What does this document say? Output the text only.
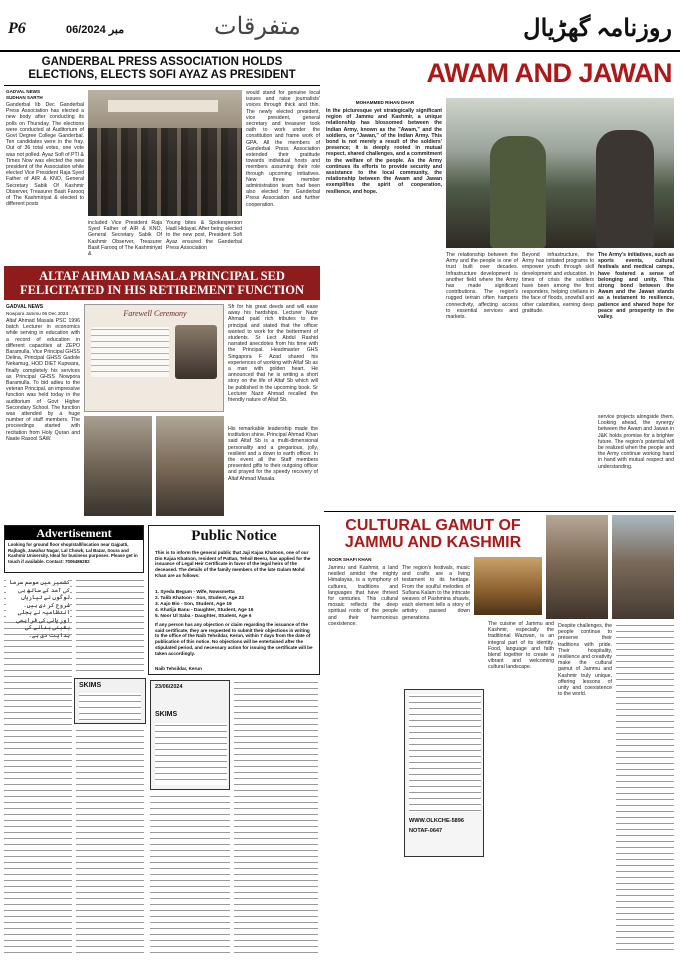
P6	06/مبر 2024	متفرقات	روزنامہ گھڑیال
GANDERBAL PRESS ASSOCIATION HOLDS ELECTIONS, ELECTS SOFI AYAZ AS PRESIDENT
GADVAL NEWS
SUDHAN SARTH
Ganderbal lib Dec Ganderbal Press Association has elected a new body after conducting its polls on Thursday. The elections were conducted at Auditorium of Govt Degree College Ganderbal. Ten candidates were in the fray. Out of 36 total votes, one vote was not polled. Ayaz Sofi of PTI & Times Now was elected the new president of the Association while elected Vice President Raja Syed Father of AIR & KNO, General Secretary Sabik Of Kashmir Observer, Treasurer Basit Farooq of The Kashmiriyat & elected to different posts
included Vice President Raja Syed Father of AIR & KNO, General Secretary Sabik Of Kashmir Observer, Treasurer Basit Farooq of The Kashmiriyat &
Young bites & Spokesperson Hadi Hidayat. After being elected to the new post, President Sofi Ayaz ensured the Ganderbal Press Association
would stand for genuine local issues and raise journalists' voices through thick and thin. The newly elected president, vice president, general secretary and treasurer took oath to work under the constitution and frame work of GPA. All the members of Ganderbal Press Association extended their gratitude towards individual hosts and members assuming their role through upcoming initiatives. New three member administration team had been also elected for Ganderbal Press Association and further cooperation.
ALTAF AHMAD MASALA PRINCIPAL SED FELICITATED IN HIS RETIREMENT FUNCTION
GADVAL NEWS
Nowpora Jammu 06 Dec 2024
Altaf Ahmad Masala PSC 1996 batch Lecturer in economics while serving in education with a record of education in different capacities at ZEPO Baramulla, Vice Principal GHSS Delina, Principal GHSS Gadole Nekamug, HOD DIET Kupwara, finally completely his services as Principal GHSS Nowpora Baramulla. To bid adieu to the veteran Principal, an impressive function was held today in the auditorium of Govt Higher Secondary School. The function was attended by a huge number of staff members. The proceedings started with recitation from Holy Quran and Naate Rasool SAW.
Farewell Ceremony
Sfr for his great deeds and will ease away his hardships. Lecturer Nazir Ahmad paid rich tributes to the principal and stated that the officer wanted to work for the betterment of students. Sr Lect Abdul Rashid narrated anecdotes from his time with the Principal. Headmaster GHS Singapora F Azad shared his experiences of working with Altaf Sb as a man with golden heart. He announced that he is writing a short story on the life of Altaf Sb which will be published in the upcoming book. Sr Lecturer Nazir Ahmad recalled the friendly nature of Altaf Sb.
His remarkable leadership made the institution shine. Principal Ahmad Khan said Altaf Sb is a multi-dimensional personality and a gregarious, jolly, resilient and a down to earth officer. In the event all the Staff members presented gifts to their outgoing officer and prayed for the speedy recovery of Altaf Ahmad Masala.
AWAM AND JAWAN
MOHAMMED RIHAN DHAR
In the picturesque yet strategically significant region of Jammu and Kashmir, a unique relationship has blossomed between the Indian Army, known as the "Awam," and the soldiers, or "Jawan," of the Indian Army. This bond is not merely a result of the soldiers' presence; it is deeply rooted in mutual respect, shared challenges, and a commitment to the welfare of the people. As the Army continues its efforts to provide security and assistance to the local community, the relationship between the Awam and Jawan exemplifies the spirit of cooperation, resilience, and hope.
The relationship between the Army and the people is one of trust built over decades. Infrastructure development is another field where the Army has made significant contributions. The region's rugged terrain often hampers connectivity, affecting access to essential services and markets.
Beyond infrastructure, the Army has initiated programs to empower youth through skill development and education. In times of crisis the soldiers have been among the first responders, helping civilians in the face of floods, snowfall and other calamities, earning deep gratitude.
The Army's initiatives, such as sports events, cultural festivals and medical camps, have fostered a sense of belonging and unity. This strong bond between the Awam and the Jawan stands as a testament to resilience, patience and shared hope for peace and prosperity in the valley.
service projects alongside them. Looking ahead, the synergy between the Awam and Jawan in J&K holds promise for a brighter future. The region's potential will be realized when the people and the Army continue working hand in hand with mutual respect and understanding.
Advertisement
Looking for ground floor shop/stall/location near Gajpatti, Rajbagh, Jawahar Nagar, Lal Chowk, Lal Bazar, Soura and Kashmir University. Ideal for business purposes. Please get in touch if available. Contact: 7006486282
Public Notice
This is to inform the general public that Jaji Kajaa Khatoon, one of our Dio Kajaa Khatoon, resident of Pattan, Tehsil Beeru, has applied for the issuance of Legal Heir Certificate in favor of the legal heirs of the deceased. The details of the family members of the late Gulam Mohd Khan are as follows:
1. Syeda Begum - Wife, Nowsmetta
2. Talib Khatoon - Son, Student, Age 22
3. Aajo Bio - Son, Student, Age 19
4. Khatija Banu - Daughter, Student, Age 16
5. Noor Ul Saba - Daughter, Student, Age 6
If any person has any objection or claim regarding the issuance of the said certificate, they are requested to submit their objections in writing to the office of the Naib Tehsildar, Kerun, within 7 days from the date of publication of this notice. No objections will be entertained after the stipulated period, and necessary action for issuing the certificate will be taken accordingly.
Naib Tehsildar, Kerun
SKIMS	23/06/2024
SKIMS
کشمیر میں موسم سرما کی آمد کے ساتھ ہی لوگوں نے تیاریاں شروع کر دی ہیں۔ انتظامیہ نے بجلی اور پانی کی فراہمی یقینی بنانے کی ہدایت دی ہے۔
CULTURAL GAMUT OF JAMMU AND KASHMIR
NOOR SHAFI KHAN
Jammu and Kashmir, a land nestled amidst the mighty Himalayas, is a symphony of cultures, traditions and languages that have thrived for centuries. This cultural mosaic reflects the deep spiritual roots of the people and their harmonious coexistence.
The region's festivals, music and crafts are a living testament to its heritage. From the soulful melodies of Sufiana Kalam to the intricate weaves of Pashmina shawls, each element tells a story of artistry passed down generations.
WWW.OLKCHE-5896
NOTAF-0647
The cuisine of Jammu and Kashmir, especially the traditional Wazwan, is an integral part of its identity. Food, language and faith blend together to create a vibrant and welcoming cultural landscape.
Despite challenges, the people continue to preserve their traditions with pride. Their hospitality, resilience and creativity make the cultural gamut of Jammu and Kashmir truly unique, offering lessons of unity and coexistence to the world.
